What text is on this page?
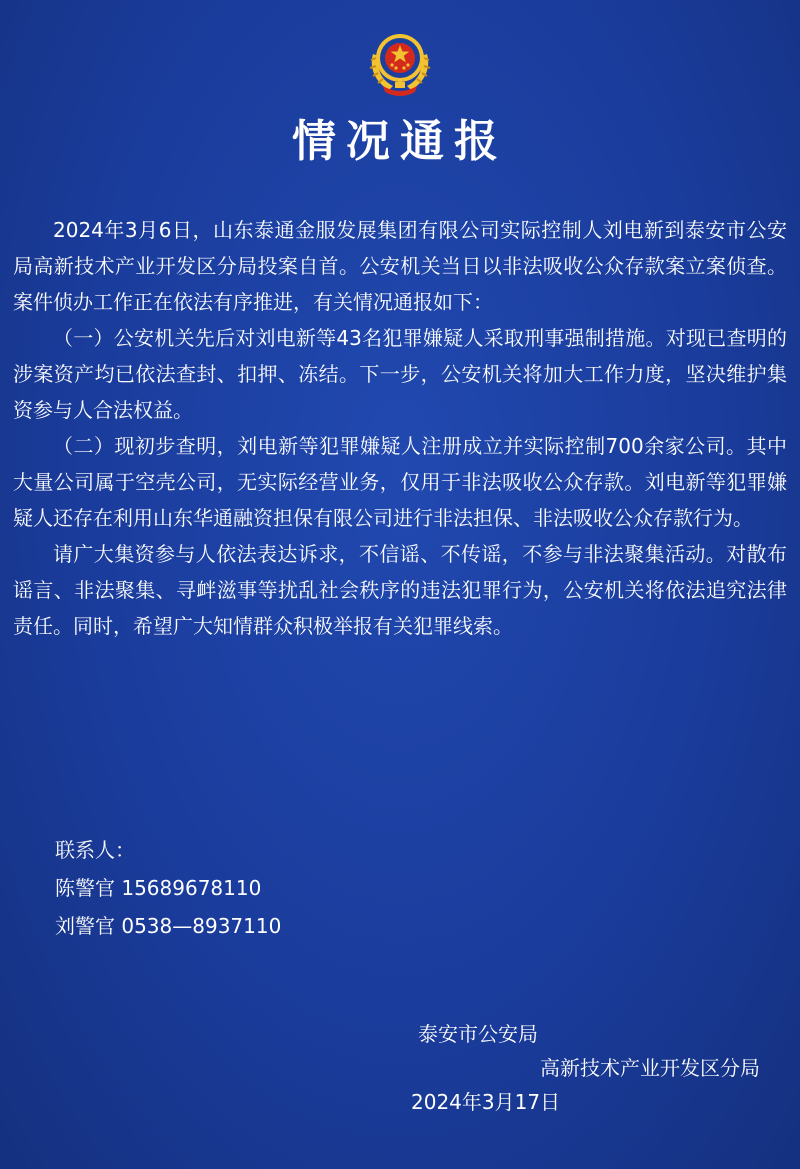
情况通报

2024年3月6日，山东泰通金服发展集团有限公司实际控制人刘电新到泰安市公安局高新技术产业开发区分局投案自首。公安机关当日以非法吸收公众存款案立案侦查。案件侦办工作正在依法有序推进，有关情况通报如下：

（一）公安机关先后对刘电新等43名犯罪嫌疑人采取刑事强制措施。对现已查明的涉案资产均已依法查封、扣押、冻结。下一步，公安机关将加大工作力度，坚决维护集资参与人合法权益。

（二）现初步查明，刘电新等犯罪嫌疑人注册成立并实际控制700余家公司。其中大量公司属于空壳公司，无实际经营业务，仅用于非法吸收公众存款。刘电新等犯罪嫌疑人还存在利用山东华通融资担保有限公司进行非法担保、非法吸收公众存款行为。

请广大集资参与人依法表达诉求，不信谣、不传谣，不参与非法聚集活动。对散布谣言、非法聚集、寻衅滋事等扰乱社会秩序的违法犯罪行为，公安机关将依法追究法律责任。同时，希望广大知情群众积极举报有关犯罪线索。

联系人：
陈警官 15689678110
刘警官 0538—8937110
泰安市公安局
高新技术产业开发区分局
2024年3月17日
